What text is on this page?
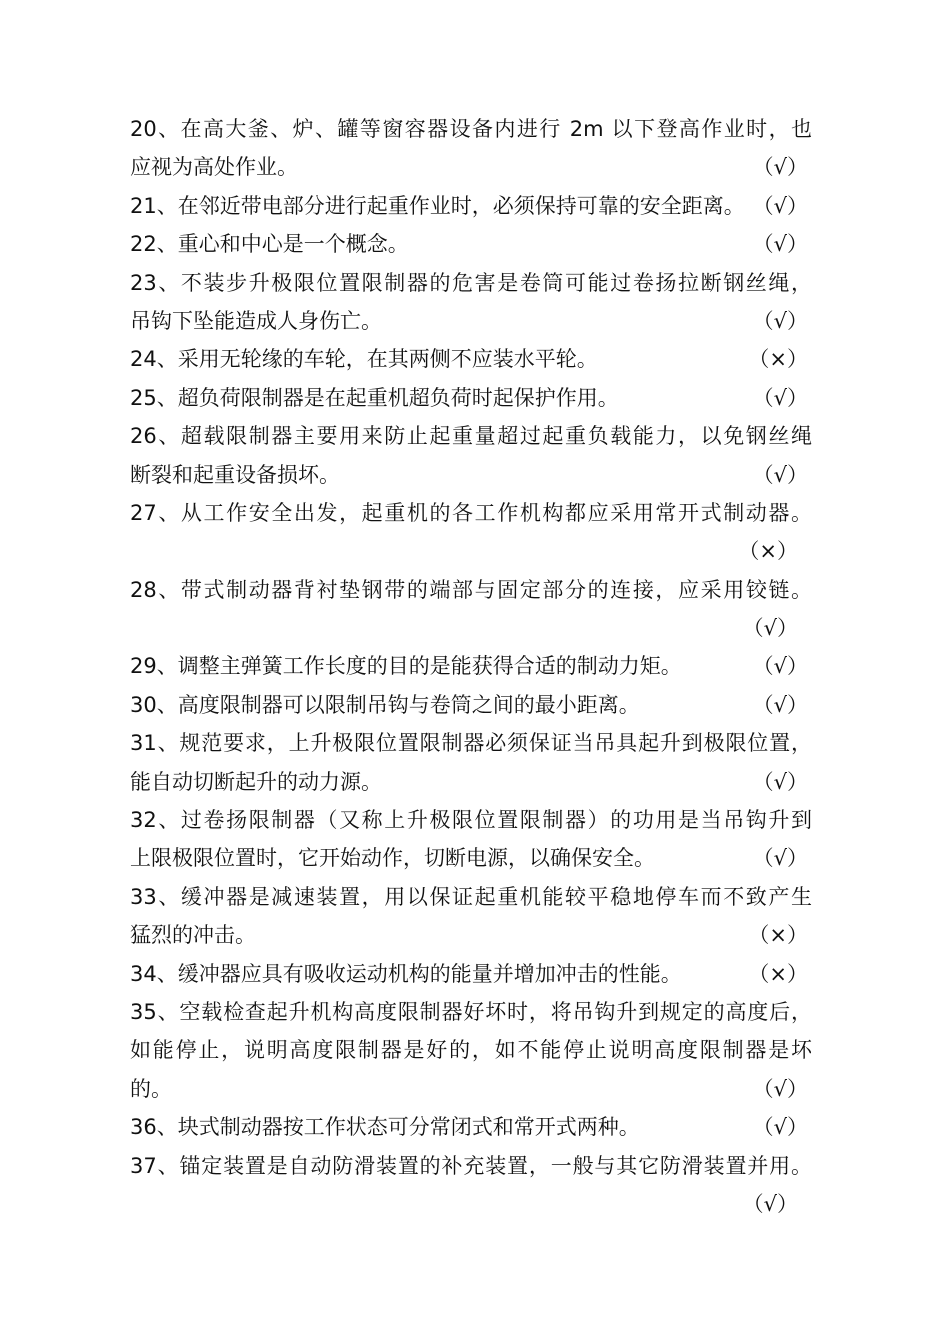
20、在高大釜、炉、罐等窗容器设备内进行 2m 以下登高作业时，也
应视为高处作业。	（√）
21、在邻近带电部分进行起重作业时，必须保持可靠的安全距离。 （√）
22、重心和中心是一个概念。	（√）
23、不装步升极限位置限制器的危害是卷筒可能过卷扬拉断钢丝绳，
吊钩下坠能造成人身伤亡。	（√）
24、采用无轮缘的车轮，在其两侧不应装水平轮。	（×）
25、超负荷限制器是在起重机超负荷时起保护作用。	（√）
26、超载限制器主要用来防止起重量超过起重负载能力，以免钢丝绳
断裂和起重设备损坏。	（√）
27、从工作安全出发，起重机的各工作机构都应采用常开式制动器。
（×）
28、带式制动器背衬垫钢带的端部与固定部分的连接，应采用铰链。
（√）
29、调整主弹簧工作长度的目的是能获得合适的制动力矩。	（√）
30、高度限制器可以限制吊钩与卷筒之间的最小距离。	（√）
31、规范要求，上升极限位置限制器必须保证当吊具起升到极限位置，
能自动切断起升的动力源。	（√）
32、过卷扬限制器（又称上升极限位置限制器）的功用是当吊钩升到
上限极限位置时，它开始动作，切断电源，以确保安全。	（√）
33、缓冲器是减速装置，用以保证起重机能较平稳地停车而不致产生
猛烈的冲击。	（×）
34、缓冲器应具有吸收运动机构的能量并增加冲击的性能。	（×）
35、空载检查起升机构高度限制器好坏时，将吊钩升到规定的高度后，
如能停止，说明高度限制器是好的，如不能停止说明高度限制器是坏
的。	（√）
36、块式制动器按工作状态可分常闭式和常开式两种。	（√）
37、锚定装置是自动防滑装置的补充装置，一般与其它防滑装置并用。
（√）
